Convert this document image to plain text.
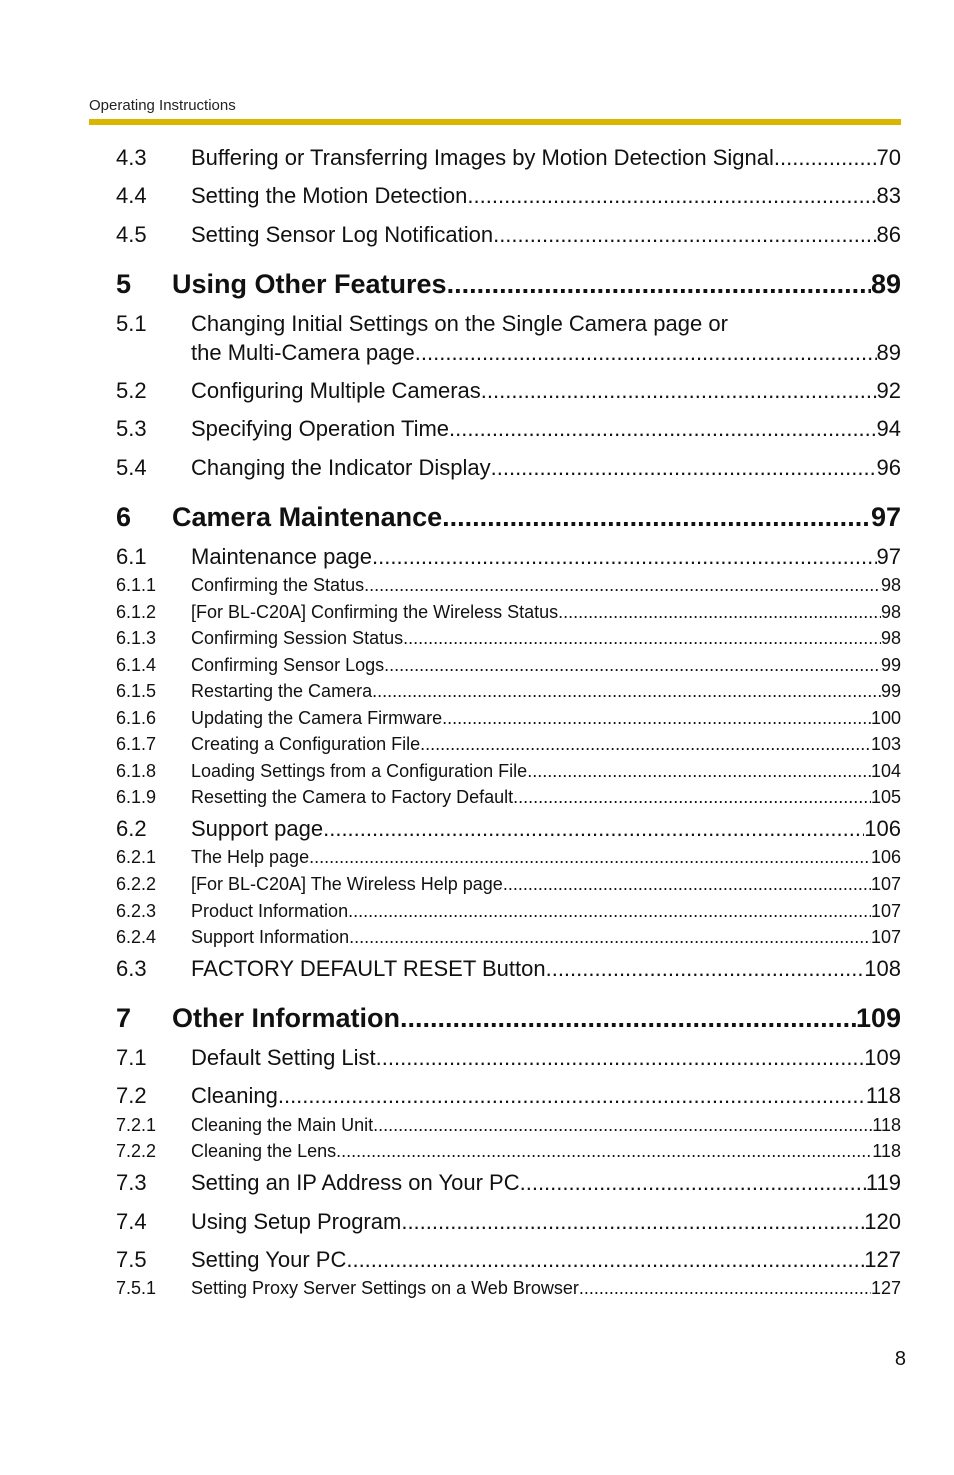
Operating Instructions
4.3	Buffering or Transferring Images by Motion Detection Signal .....	70
4.4	Setting the Motion Detection .....	83
4.5	Setting Sensor Log Notification .....	86
5	Using Other Features .....	89
5.1	Changing Initial Settings on the Single Camera page or
the Multi-Camera page .....	89
5.2	Configuring Multiple Cameras .....	92
5.3	Specifying Operation Time .....	94
5.4	Changing the Indicator Display .....	96
6	Camera Maintenance .....	97
6.1	Maintenance page .....	97
6.1.1	Confirming the Status .....	98
6.1.2	[For BL-C20A] Confirming the Wireless Status .....	98
6.1.3	Confirming Session Status .....	98
6.1.4	Confirming Sensor Logs .....	99
6.1.5	Restarting the Camera .....	99
6.1.6	Updating the Camera Firmware .....	100
6.1.7	Creating a Configuration File .....	103
6.1.8	Loading Settings from a Configuration File .....	104
6.1.9	Resetting the Camera to Factory Default .....	105
6.2	Support page .....	106
6.2.1	The Help page .....	106
6.2.2	[For BL-C20A] The Wireless Help page .....	107
6.2.3	Product Information .....	107
6.2.4	Support Information .....	107
6.3	FACTORY DEFAULT RESET Button .....	108
7	Other Information .....	109
7.1	Default Setting List .....	109
7.2	Cleaning .....	118
7.2.1	Cleaning the Main Unit .....	118
7.2.2	Cleaning the Lens .....	118
7.3	Setting an IP Address on Your PC .....	119
7.4	Using Setup Program .....	120
7.5	Setting Your PC .....	127
7.5.1	Setting Proxy Server Settings on a Web Browser .....	127
8
